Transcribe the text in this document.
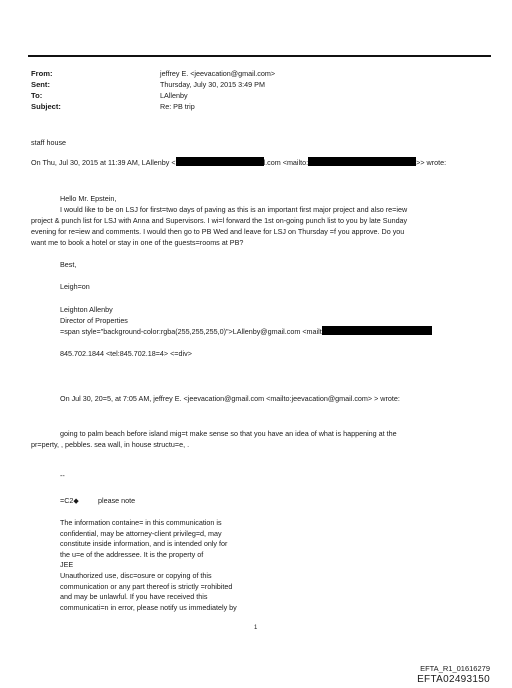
From:	jeffrey E. <jeevacation@gmail.com>
Sent:	Thursday, July 30, 2015 3:49 PM
To:	LAllenby
Subject:	Re: PB trip
staff house
On Thu, Jul 30, 2015 at 11:39 AM, LAllenby <	l.com <mailto:	>> wrote:
Hello Mr. Epstein,
I would like to be on LSJ for first=two days of paving as this is an important first major project and also re=iew
project & punch list for LSJ with Anna and Supervisors. I wi=l forward the 1st on-going punch list to you by late Sunday
evening for re=iew and comments. I would then go to PB Wed and leave for LSJ on Thursday =f you approve. Do you
want me to book a hotel or stay in one of the guests=rooms at PB?
Best,
Leigh=on
Leighton Allenby
Director of Properties
=span style="background-color:rgba(255,255,255,0)">LAllenby@gmail.com <mailt
845.702.1844 <tel:845.702.18=4> <=div>
On Jul 30, 20=5, at 7:05 AM, jeffrey E. <jeevacation@gmail.com <mailto:jeevacation@gmail.com> > wrote:
going to palm beach before island mig=t make sense so that you have an idea of what is happening at the
pr=perty, , pebbles. sea wall, in house structu=e, .
--
=C2◆	please note
The information containe= in this communication is
confidential, may be attorney-client privileg=d, may
constitute inside information, and is intended only for
the u=e of the addressee. It is the property of
JEE
Unauthorized use, disc=osure or copying of this
communication or any part thereof is strictly =rohibited
and may be unlawful. If you have received this
communicati=n in error, please notify us immediately by
1
EFTA_R1_01616279
EFTA02493150
